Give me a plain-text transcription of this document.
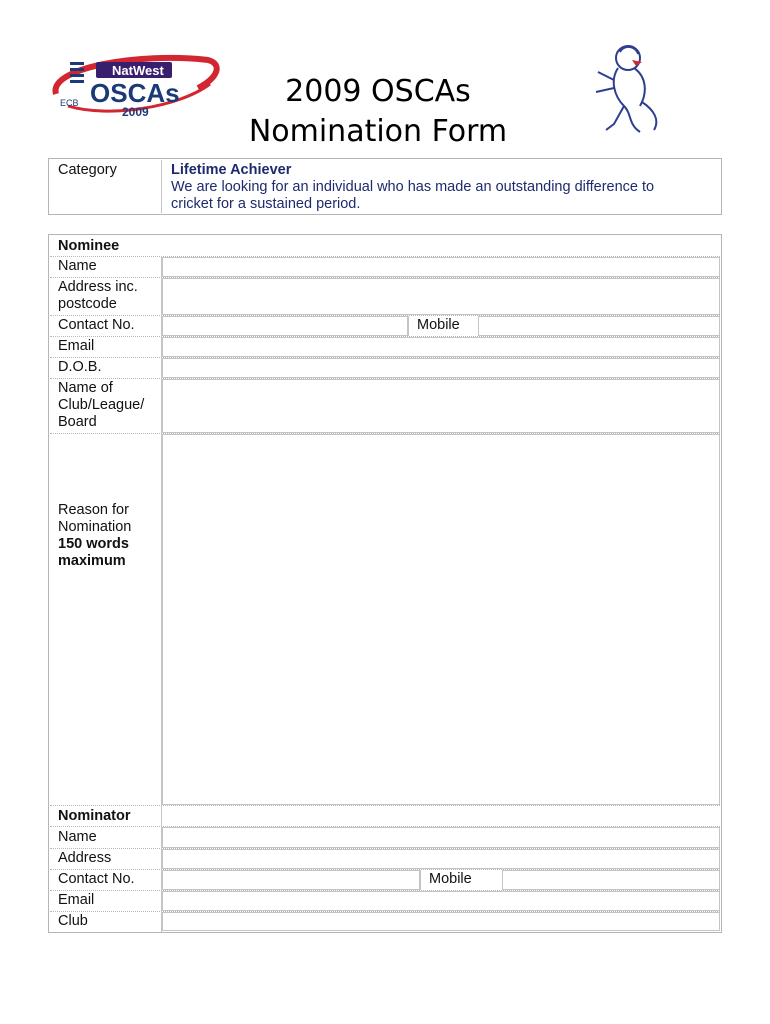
NatWest
OSCAs
2009
ECB	2009 OSCAs
Nomination Form
Category	Lifetime Achiever
We are looking for an individual who has made an outstanding difference to
cricket for a sustained period.
Nominee
Name
Address inc.
postcode
Contact No.	Mobile
Email
D.O.B.
Name of
Club/League/
Board
Reason for
Nomination
150 words
maximum
Nominator
Name
Address
Contact No.	Mobile
Email
Club
